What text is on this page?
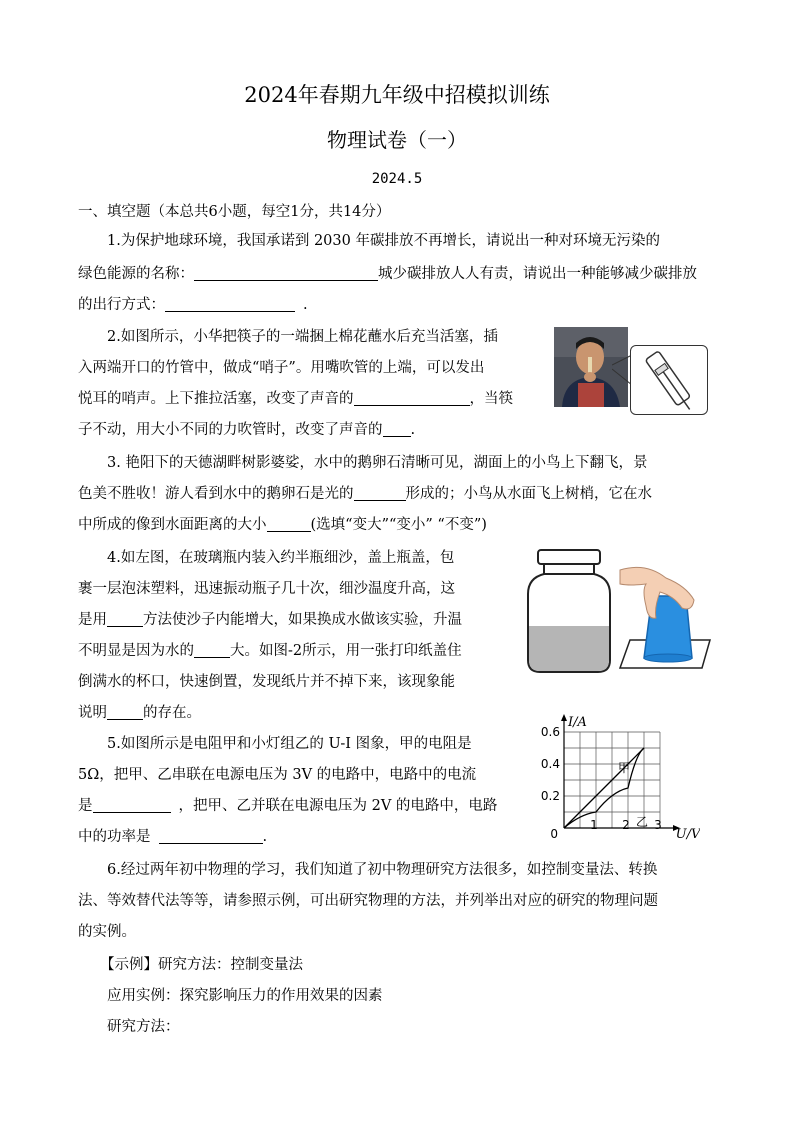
2024年春期九年级中招模拟训练
物理试卷（一）
2024.5
一、填空题（本总共6小题，每空1分，共14分）
1.为保护地球环境，我国承诺到 2030 年碳排放不再增长，请说出一种对环境无污染的
绿色能源的名称：	城少碳排放人人有责，请说出一种能够减少碳排放
的出行方式：	.
2.如图所示，小华把筷子的一端捆上棉花蘸水后充当活塞，插
入两端开口的竹管中，做成“哨子”。用嘴吹管的上端，可以发出
悦耳的哨声。上下推拉活塞，改变了声音的	，当筷
子不动，用大小不同的力吹管时，改变了声音的 .
3. 艳阳下的天德湖畔树影婆娑，水中的鹅卵石清晰可见，湖面上的小鸟上下翻飞，景
色美不胜收！游人看到水中的鹅卵石是光的	形成的；小鸟从水面飞上树梢，它在水
中所成的像到水面距离的大小	(选填“变大”“变小” “不变”)
4.如左图，在玻璃瓶内装入约半瓶细沙，盖上瓶盖，包
裹一层泡沫塑料，迅速振动瓶子几十次，细沙温度升高，这
是用 方法使沙子内能增大，如果换成水做该实验，升温
不明显是因为水的 大。如图-2所示，用一张打印纸盖住
倒满水的杯口，快速倒置，发现纸片并不掉下来，该现象能
说明 的存在。
5.如图所示是电阻甲和小灯组乙的 U-I 图象，甲的电阻是
5Ω，把甲、乙串联在电源电压为 3V 的电路中，电路中的电流
是	，把甲、乙并联在电源电压为 2V 的电路中，电路
中的功率是	.
甲
乙
0.2
0.4
0.6
1 2 3
0	U/V
I/A
6.经过两年初中物理的学习，我们知道了初中物理研究方法很多，如控制变量法、转换
法、等效替代法等等，请参照示例，可出研究物理的方法，并列举出对应的研究的物理问题
的实例。
【示例】研究方法：控制变量法
应用实例：探究影响压力的作用效果的因素
研究方法：
